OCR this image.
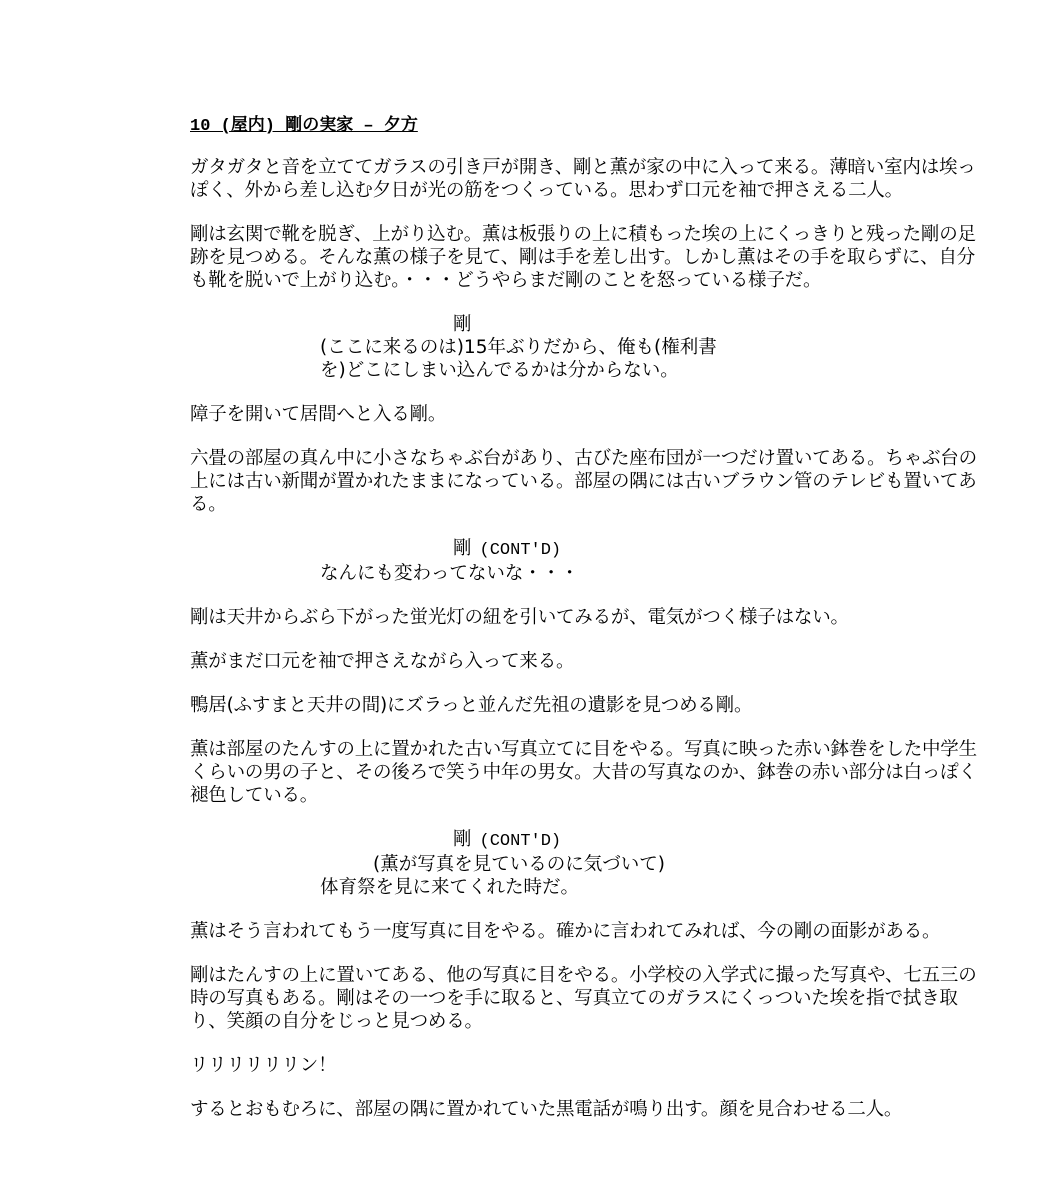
10 (屋内) 剛の実家 – 夕方
ガタガタと音を立ててガラスの引き戸が開き、剛と薫が家の中に入って来る。薄暗い室内は埃っぽく、外から差し込む夕日が光の筋をつくっている。思わず口元を袖で押さえる二人。
剛は玄関で靴を脱ぎ、上がり込む。薫は板張りの上に積もった埃の上にくっきりと残った剛の足跡を見つめる。そんな薫の様子を見て、剛は手を差し出す。しかし薫はその手を取らずに、自分も靴を脱いで上がり込む。・・・どうやらまだ剛のことを怒っている様子だ。
剛
(ここに来るのは)15年ぶりだから、俺も(権利書
を)どこにしまい込んでるかは分からない。
障子を開いて居間へと入る剛。
六畳の部屋の真ん中に小さなちゃぶ台があり、古びた座布団が一つだけ置いてある。ちゃぶ台の上には古い新聞が置かれたままになっている。部屋の隅には古いブラウン管のテレビも置いてある。
剛 (CONT'D)
なんにも変わってないな・・・
剛は天井からぶら下がった蛍光灯の紐を引いてみるが、電気がつく様子はない。
薫がまだ口元を袖で押さえながら入って来る。
鴨居(ふすまと天井の間)にズラっと並んだ先祖の遺影を見つめる剛。
薫は部屋のたんすの上に置かれた古い写真立てに目をやる。写真に映った赤い鉢巻をした中学生くらいの男の子と、その後ろで笑う中年の男女。大昔の写真なのか、鉢巻の赤い部分は白っぽく褪色している。
剛 (CONT'D)
(薫が写真を見ているのに気づいて)
体育祭を見に来てくれた時だ。
薫はそう言われてもう一度写真に目をやる。確かに言われてみれば、今の剛の面影がある。
剛はたんすの上に置いてある、他の写真に目をやる。小学校の入学式に撮った写真や、七五三の時の写真もある。剛はその一つを手に取ると、写真立てのガラスにくっついた埃を指で拭き取り、笑顔の自分をじっと見つめる。
リリリリリリン！
するとおもむろに、部屋の隅に置かれていた黒電話が鳴り出す。顔を見合わせる二人。
